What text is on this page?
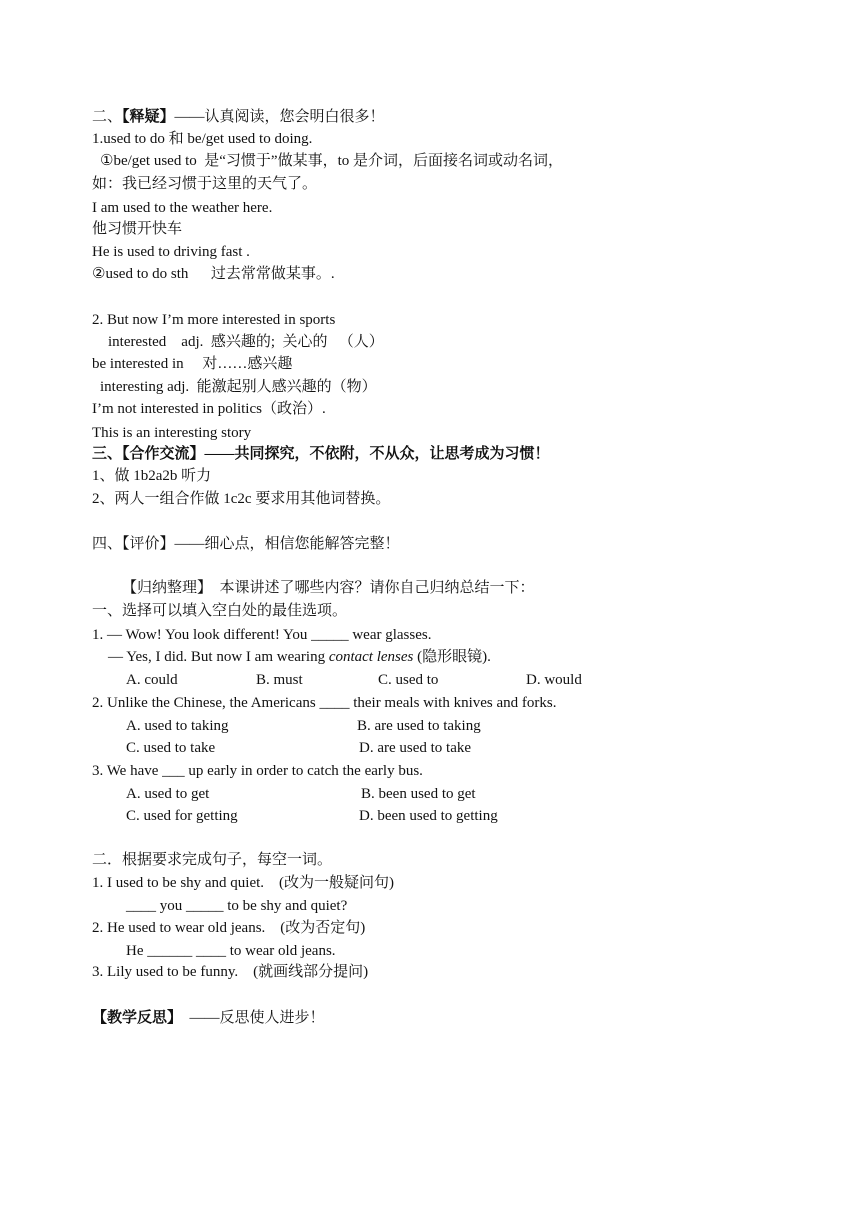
二、【释疑】——认真阅读，您会明白很多！
1.used to do 和 be/get used to doing.
①be/get used to  是“习惯于”做某事，to 是介词，后面接名词或动名词，
如：我已经习惯于这里的天气了。
I am used to the weather here.
他习惯开快车
He is used to driving fast .
②used to do sth      过去常常做某事。.
2. But now I’m more interested in sports
interested    adj.  感兴趣的;  关心的   （人）
be interested in     对……感兴趣
interesting adj.  能激起别人感兴趣的（物）
I’m not interested in politics（政治）.
This is an interesting story
三、【合作交流】——共同探究，不依附，不从众，让思考成为习惯！
1、做 1b2a2b 听力
2、两人一组合作做 1c2c 要求用其他词替换。
四、【评价】——细心点，相信您能解答完整！
【归纳整理】  本课讲述了哪些内容？请你自己归纳总结一下：
一、选择可以填入空白处的最佳选项。
1. — Wow! You look different! You _____ wear glasses.
— Yes, I did. But now I am wearing contact lenses (隐形眼镜).
A. could	B. must	C. used to	D. would
2. Unlike the Chinese, the Americans ____ their meals with knives and forks.
A. used to taking	B. are used to taking
C. used to take	D. are used to take
3. We have ___ up early in order to catch the early bus.
A. used to get	B. been used to get
C. used for getting	D. been used to getting
二．根据要求完成句子，每空一词。
1. I used to be shy and quiet.    (改为一般疑问句)
____ you _____ to be shy and quiet?
2. He used to wear old jeans.    (改为否定句)
He ______ ____ to wear old jeans.
3. Lily used to be funny.    (就画线部分提问)
【教学反思】  ——反思使人进步！
